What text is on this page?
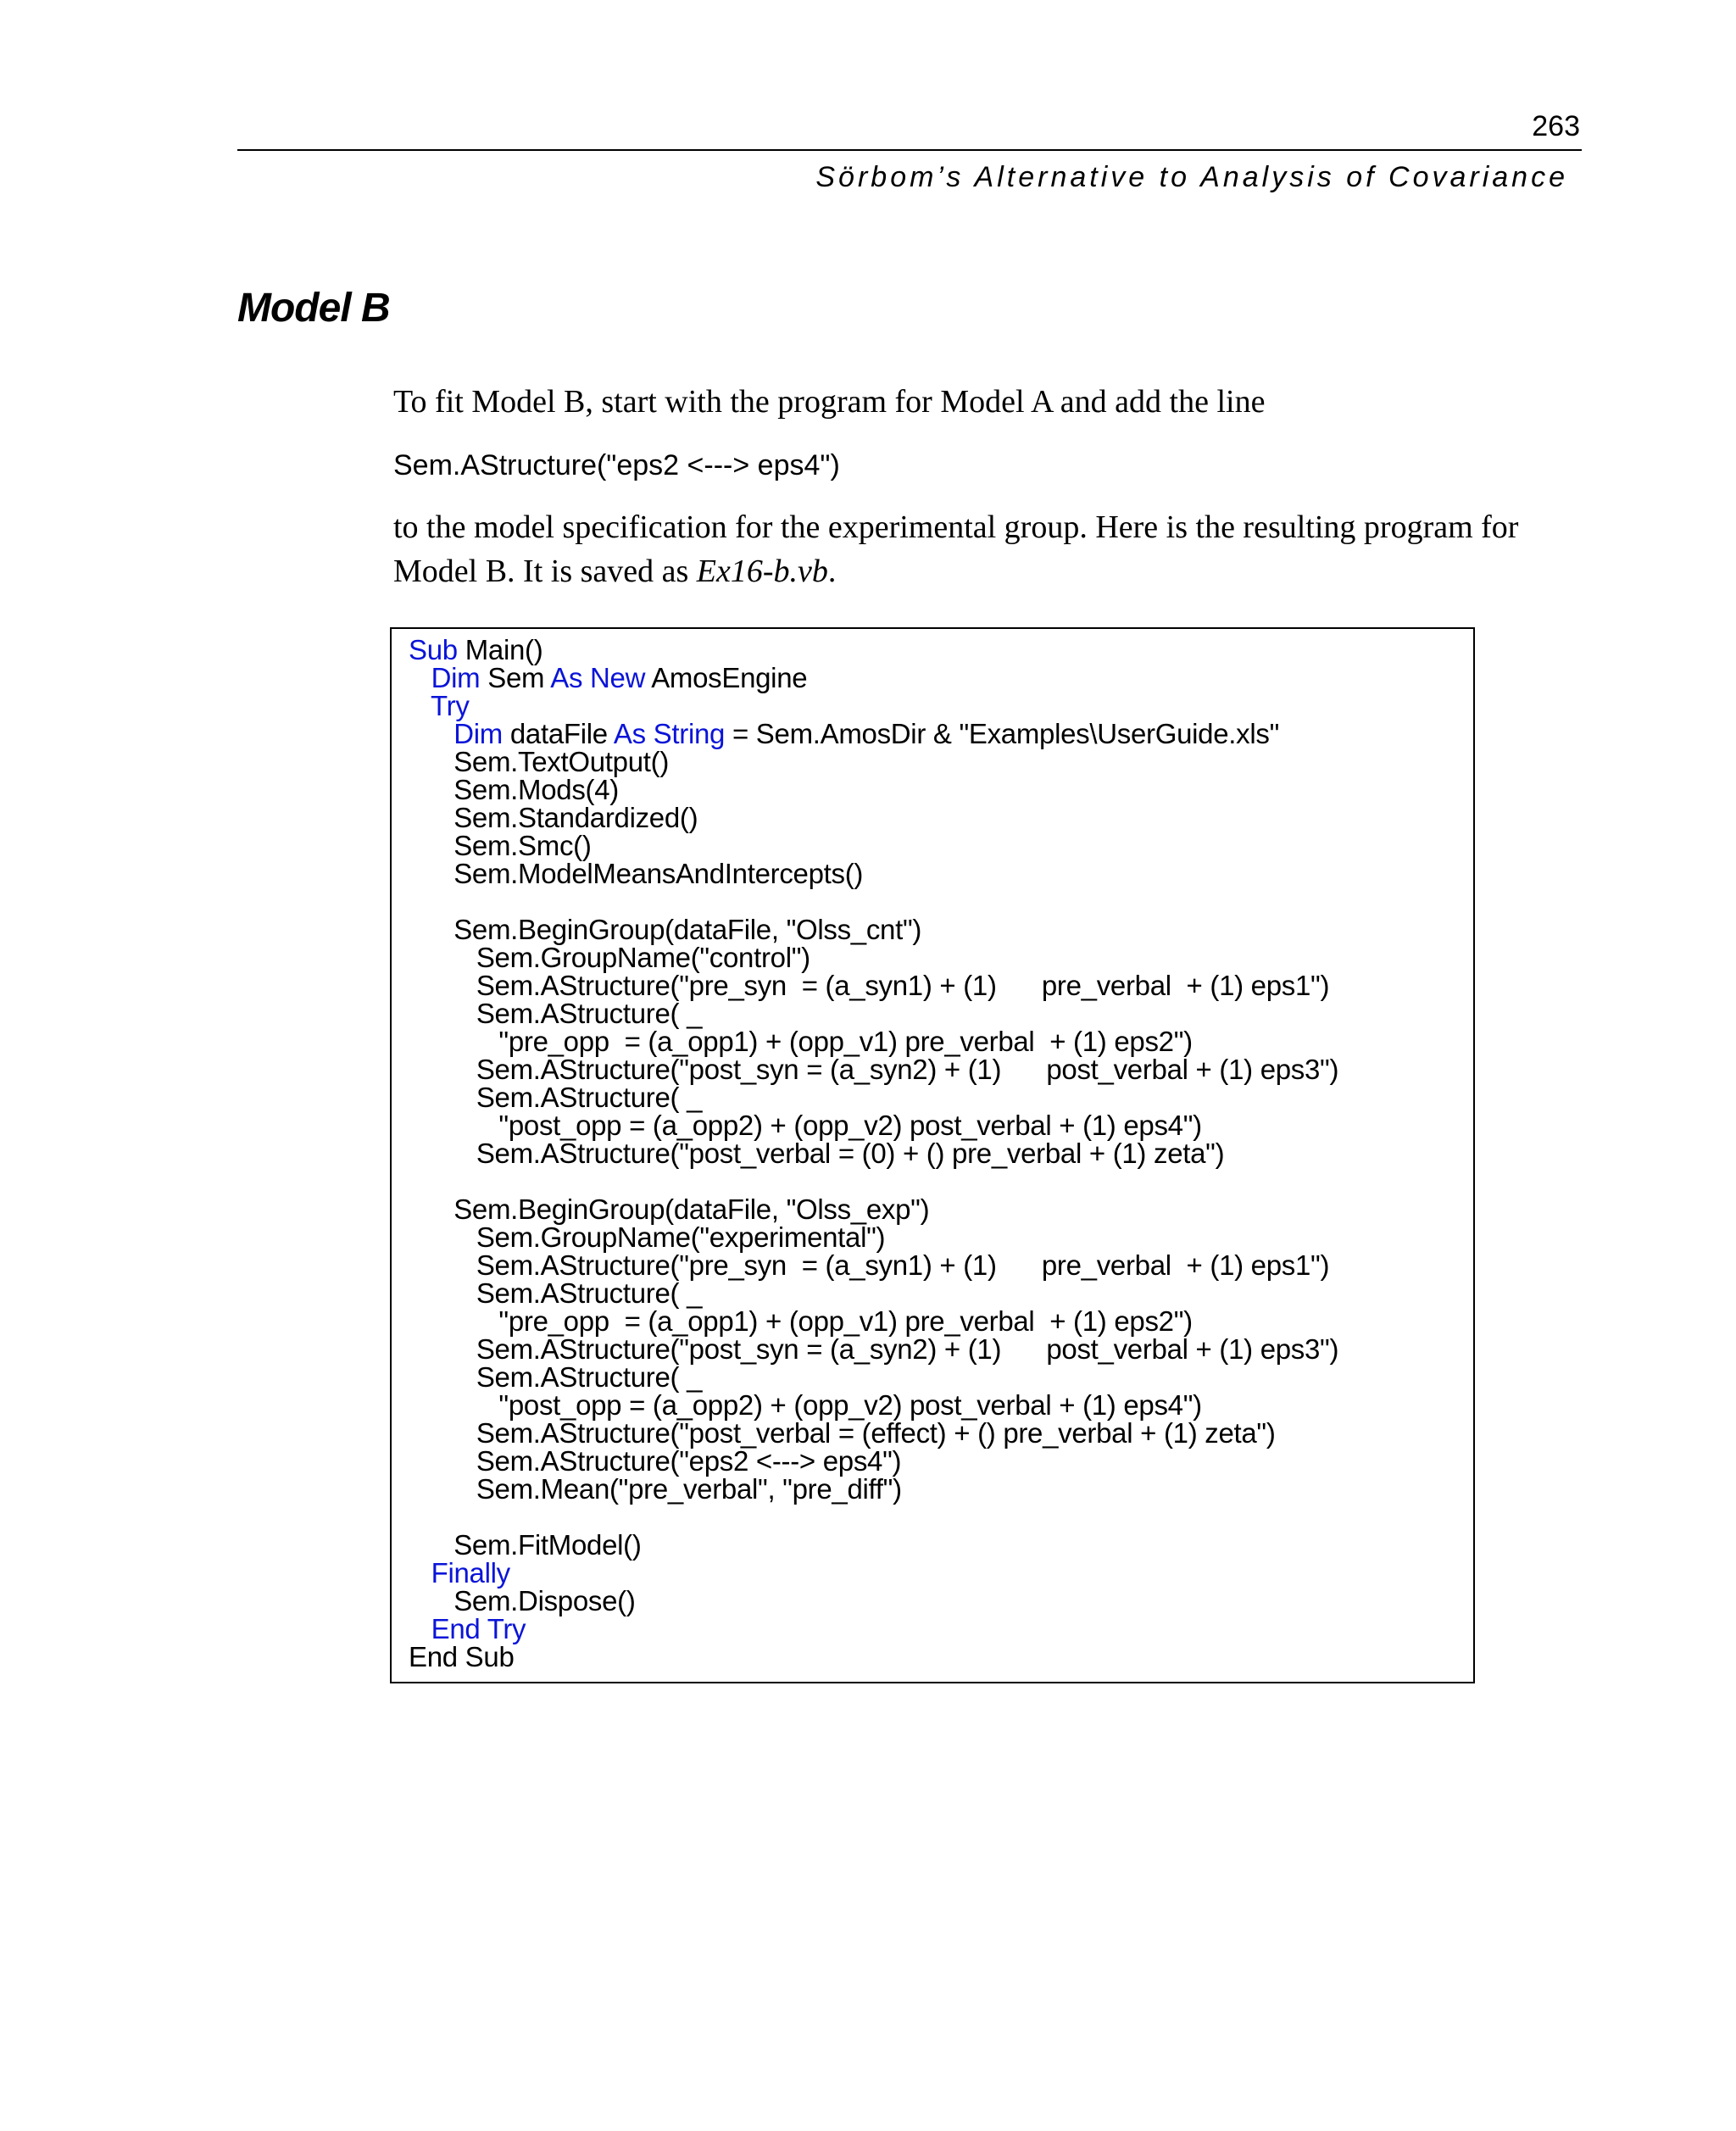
263
Sörbom’s Alternative to Analysis of Covariance
Model B

To fit Model B, start with the program for Model A and add the line

Sem.AStructure("eps2 <---> eps4")

to the model specification for the experimental group. Here is the resulting program for Model B. It is saved as Ex16-b.vb.

Sub Main()
Dim Sem As New AmosEngine
Try
Dim dataFile As String = Sem.AmosDir & "Examples\UserGuide.xls"
Sem.TextOutput()
Sem.Mods(4)
Sem.Standardized()
Sem.Smc()
Sem.ModelMeansAndIntercepts()
Sem.BeginGroup(dataFile, "Olss_cnt")
Sem.GroupName("control")
Sem.AStructure("pre_syn  = (a_syn1) + (1)      pre_verbal  + (1) eps1")
Sem.AStructure( _
"pre_opp  = (a_opp1) + (opp_v1) pre_verbal  + (1) eps2")
Sem.AStructure("post_syn = (a_syn2) + (1)      post_verbal + (1) eps3")
Sem.AStructure( _
"post_opp = (a_opp2) + (opp_v2) post_verbal + (1) eps4")
Sem.AStructure("post_verbal = (0) + () pre_verbal + (1) zeta")
Sem.BeginGroup(dataFile, "Olss_exp")
Sem.GroupName("experimental")
Sem.AStructure("pre_syn  = (a_syn1) + (1)      pre_verbal  + (1) eps1")
Sem.AStructure( _
"pre_opp  = (a_opp1) + (opp_v1) pre_verbal  + (1) eps2")
Sem.AStructure("post_syn = (a_syn2) + (1)      post_verbal + (1) eps3")
Sem.AStructure( _
"post_opp = (a_opp2) + (opp_v2) post_verbal + (1) eps4")
Sem.AStructure("post_verbal = (effect) + () pre_verbal + (1) zeta")
Sem.AStructure("eps2 <---> eps4")
Sem.Mean("pre_verbal", "pre_diff")
Sem.FitModel()
Finally
Sem.Dispose()
End Try
End Sub
